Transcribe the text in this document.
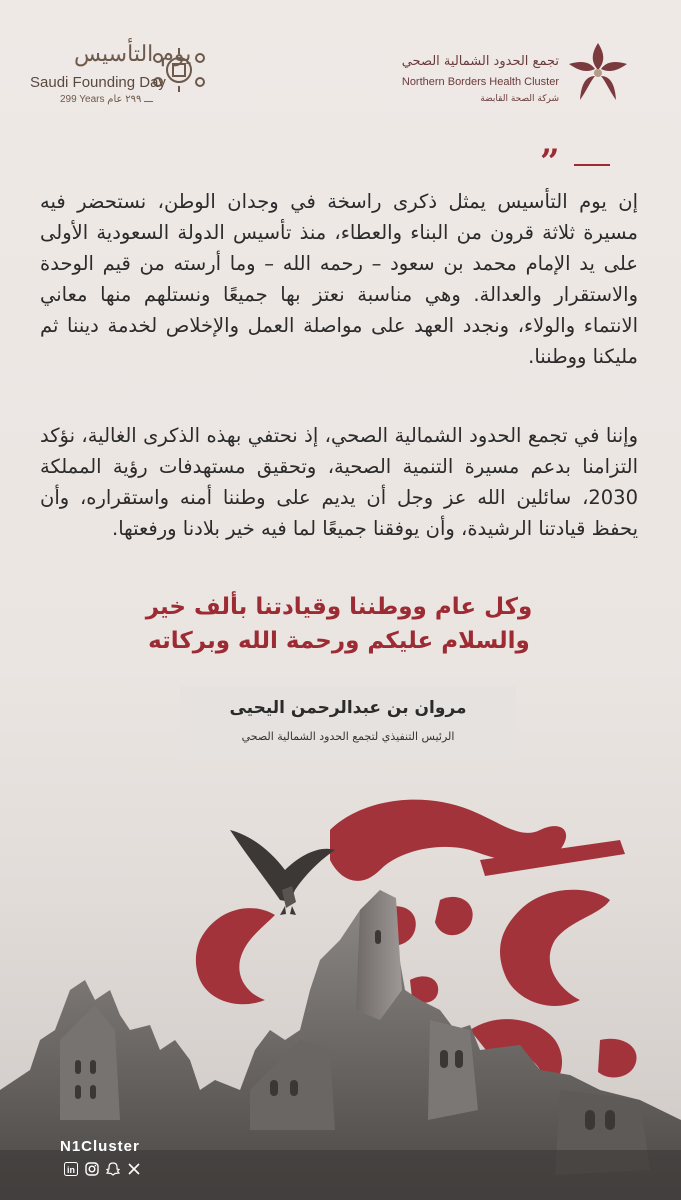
يوم التأسيس
Saudi Founding Day
299 Years ـــ ٢٩٩ عام
تجمع الحدود الشمالية الصحي
Northern Borders Health Cluster
شركة الصحة القابضة
”

إن يوم التأسيس يمثل ذكرى راسخة في وجدان الوطن، نستحضر فيه مسيرة ثلاثة قرون من البناء والعطاء، منذ تأسيس الدولة السعودية الأولى على يد الإمام محمد بن سعود – رحمه الله – وما أرسته من قيم الوحدة والاستقرار والعدالة. وهي مناسبة نعتز بها جميعًا ونستلهم منها معاني الانتماء والولاء، ونجدد العهد على مواصلة العمل والإخلاص لخدمة ديننا ثم مليكنا ووطننا.

وإننا في تجمع الحدود الشمالية الصحي، إذ نحتفي بهذه الذكرى الغالية، نؤكد التزامنا بدعم مسيرة التنمية الصحية، وتحقيق مستهدفات رؤية المملكة 2030، سائلين الله عز وجل أن يديم على وطننا أمنه واستقراره، وأن يحفظ قيادتنا الرشيدة، وأن يوفقنا جميعًا لما فيه خير بلادنا ورفعتها.

وكل عام ووطننا وقيادتنا بألف خير
والسلام عليكم ورحمة الله وبركاته
مروان بن عبدالرحمن اليحيى
الرئيس التنفيذي لتجمع الحدود الشمالية الصحي
N1Cluster
in
